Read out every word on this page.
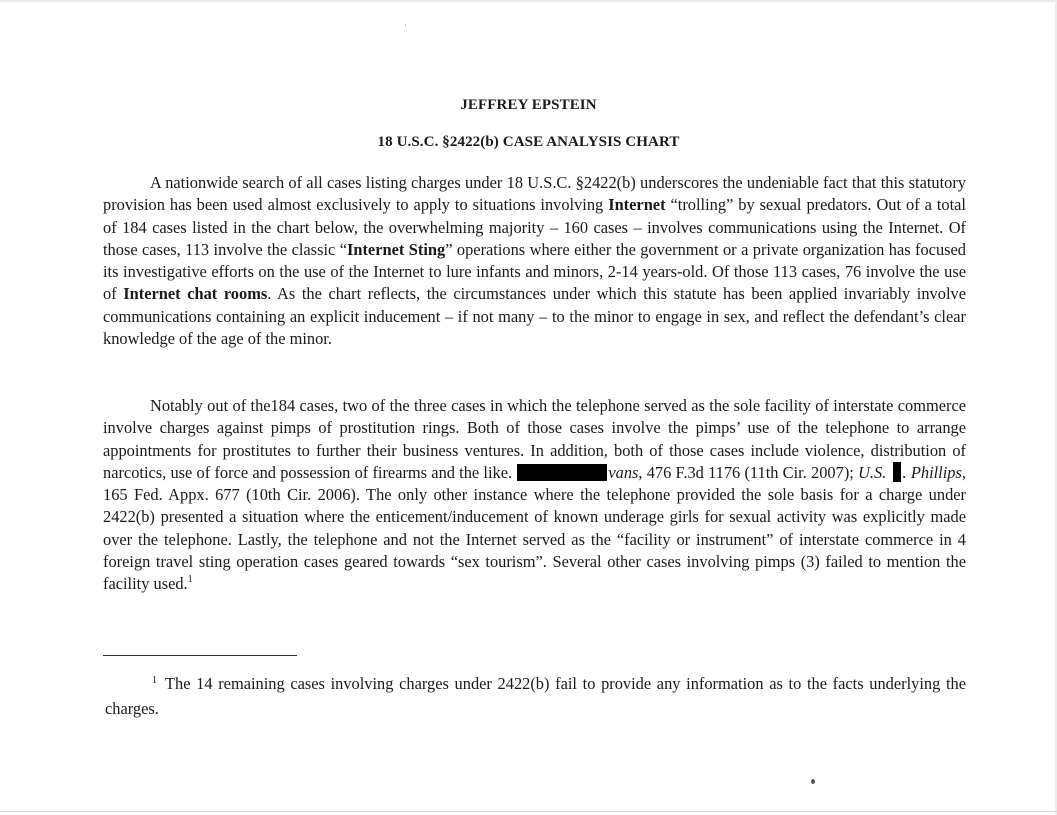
JEFFREY EPSTEIN
18 U.S.C. §2422(b) CASE ANALYSIS CHART

A nationwide search of all cases listing charges under 18 U.S.C. §2422(b) underscores the undeniable fact that this statutory provision has been used almost exclusively to apply to situations involving Internet “trolling” by sexual predators. Out of a total of 184 cases listed in the chart below, the overwhelming majority – 160 cases – involves communications using the Internet. Of those cases, 113 involve the classic “Internet Sting” operations where either the government or a private organization has focused its investigative efforts on the use of the Internet to lure infants and minors, 2-14 years-old. Of those 113 cases, 76 involve the use of Internet chat rooms. As the chart reflects, the circumstances under which this statute has been applied invariably involve communications containing an explicit inducement – if not many – to the minor to engage in sex, and reflect the defendant’s clear knowledge of the age of the minor.

Notably out of the184 cases, two of the three cases in which the telephone served as the sole facility of interstate commerce involve charges against pimps of prostitution rings. Both of those cases involve the pimps’ use of the telephone to arrange appointments for prostitutes to further their business ventures. In addition, both of those cases include violence, distribution of narcotics, use of force and possession of firearms and the like.	vans, 476 F.3d 1176 (11th Cir. 2007); U.S. . Phillips, 165 Fed. Appx. 677 (10th Cir. 2006). The only other instance where the telephone provided the sole basis for a charge under 2422(b) presented a situation where the enticement/inducement of known underage girls for sexual activity was explicitly made over the telephone. Lastly, the telephone and not the Internet served as the “facility or instrument” of interstate commerce in 4 foreign travel sting operation cases geared towards “sex tourism”. Several other cases involving pimps (3) failed to mention the facility used.$^1$

$^1$ The 14 remaining cases involving charges under 2422(b) fail to provide any information as to the facts underlying the charges.
